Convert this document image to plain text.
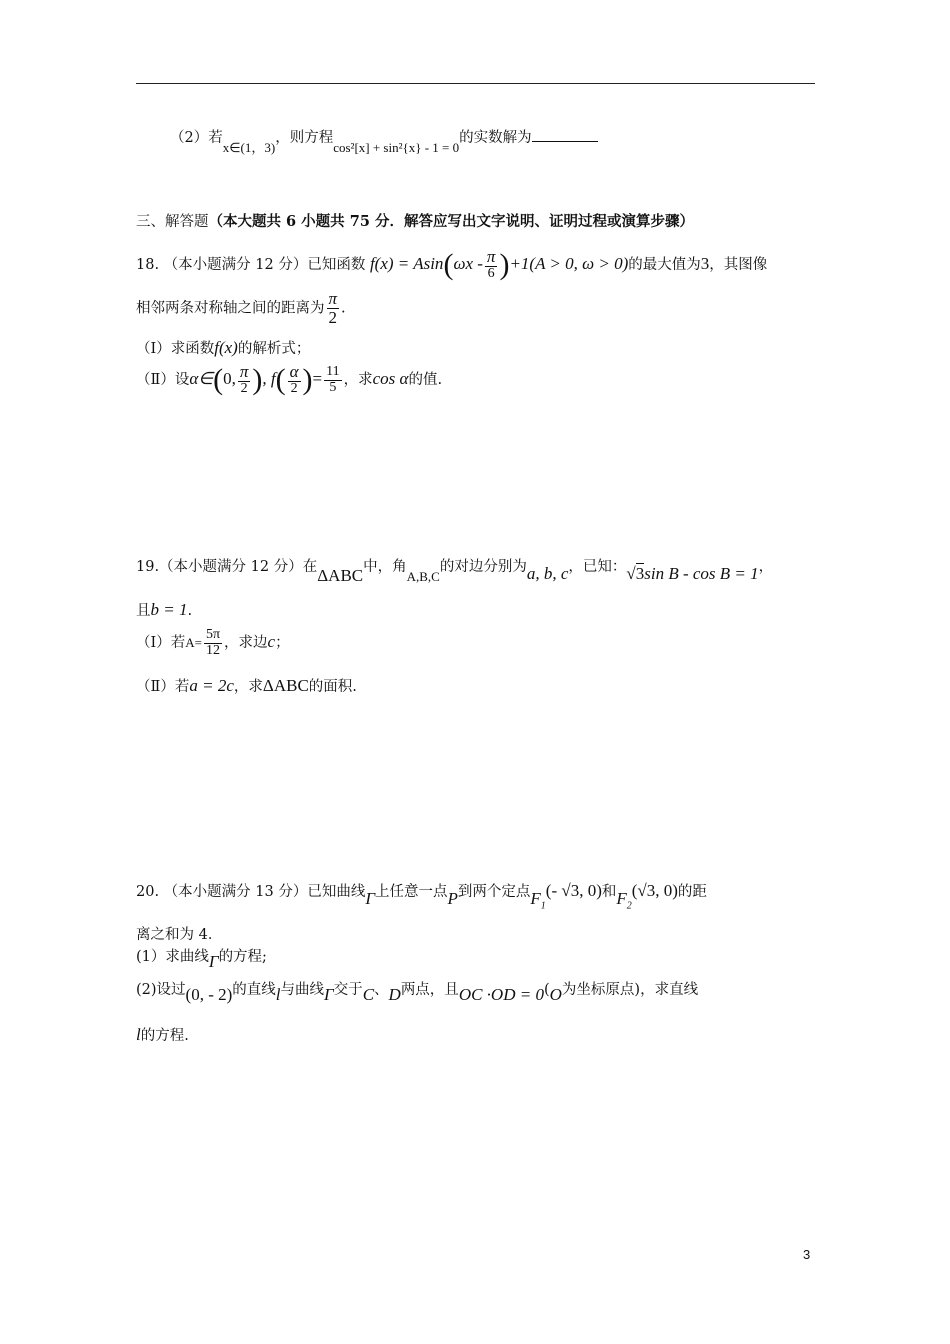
（2）若x∈(1，3)，则方程cos²[x] + sin²{x} - 1 = 0的实数解为
三、解答题（本大题共 6 小题共 75 分．解答应写出文字说明、证明过程或演算步骤）
18. （本小题满分 12 分）已知函数 $f(x) = Asin(\omega x - \frac{\pi}{6} )+1(A > 0$, ω > 0)的最大值为3，其图像
相邻两条对称轴之间的距离为 $\frac{\pi}{2}$ .
（Ⅰ）求函数f(x)的解析式；
（Ⅱ）设α∈(0, $\frac{\pi}{2}$ ), $f( \frac{\alpha}{2}$ )= $\frac{11}{5}$ ，求cos α的值.
19.（本小题满分 12 分）在ΔABC中，角A,B,C的对边分别为a, b, c，已知：√3sin B - cos B = 1，
且b = 1.
（Ⅰ）若$A= \frac{5\pi}{12}$ ，求边c；
（Ⅱ）若a = 2c，求ΔABC的面积.
20. （本小题满分 13 分）已知曲线Γ上任意一点P到两个定点$F_1(-$ √3, 0)和$F_2(√3$, 0)的距
离之和为 4．
(1）求曲线Γ的方程;
(2)设过(0, - 2)的直线l与曲线Γ交于C、D两点，且OC ·OD = 0(O为坐标原点)，求直线
l的方程.
3
